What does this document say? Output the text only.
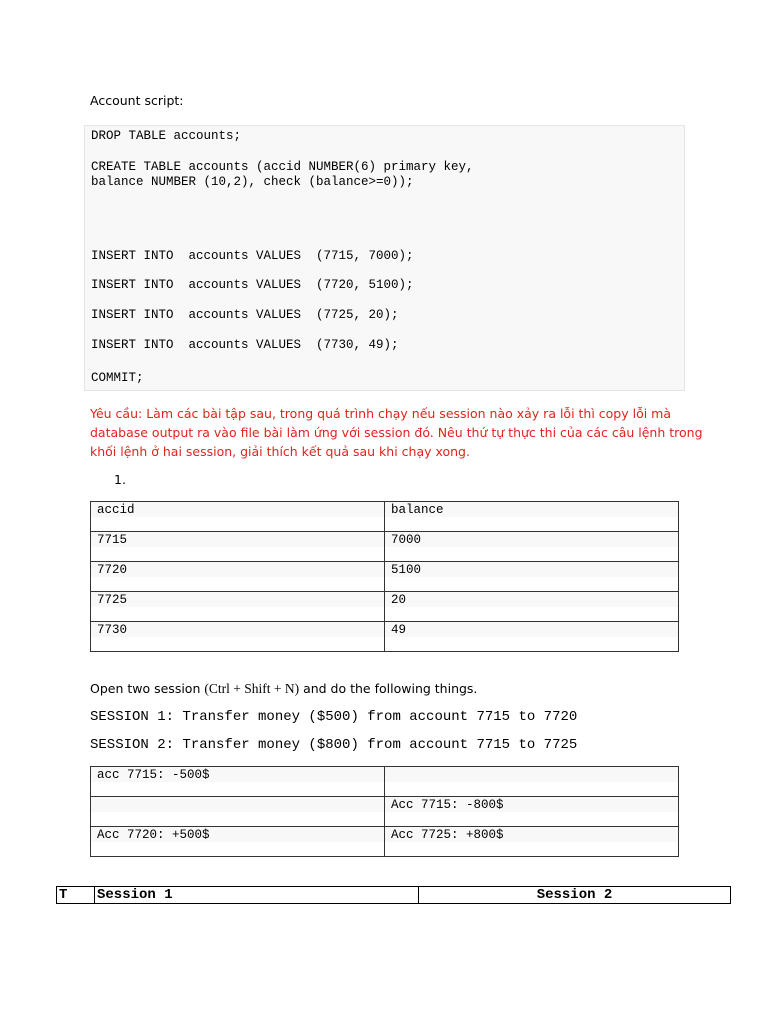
Account script:
DROP TABLE accounts;
CREATE TABLE accounts (accid NUMBER(6) primary key,
balance NUMBER (10,2), check (balance>=0));
INSERT INTO  accounts VALUES  (7715, 7000);
INSERT INTO  accounts VALUES  (7720, 5100);
INSERT INTO  accounts VALUES  (7725, 20);
INSERT INTO  accounts VALUES  (7730, 49);
COMMIT;
Yêu cầu: Làm các bài tập sau, trong quá trình chạy nếu session nào xảy ra lỗi thì copy lỗi mà database output ra vào file bài làm ứng với session đó. Nêu thứ tự thực thi của các câu lệnh trong khối lệnh ở hai session, giải thích kết quả sau khi chạy xong.
1.
accid	balance

7715	7000

7720	5100

7725	20

7730	49
Open two session (Ctrl + Shift + N) and do the following things.
SESSION 1: Transfer money ($500) from account 7715 to 7720
SESSION 2: Transfer money ($800) from account 7715 to 7725
acc 7715: -500$	

	Acc 7715: -800$

Acc 7720: +500$	Acc 7725: +800$
T	Session 1	Session 2
